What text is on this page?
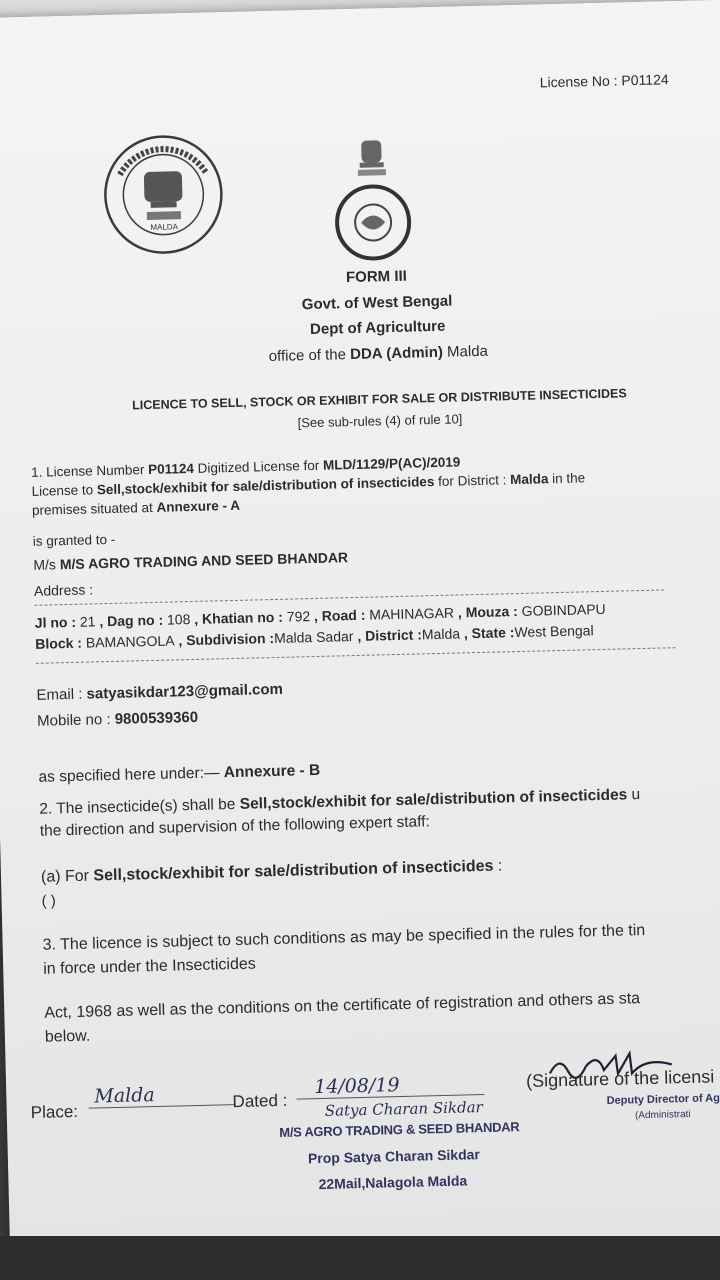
License No : P01124
MALDA
FORM III
Govt. of West Bengal
Dept of Agriculture
office of the DDA (Admin) Malda
LICENCE TO SELL, STOCK OR EXHIBIT FOR SALE OR DISTRIBUTE INSECTICIDES
[See sub-rules (4) of rule 10]
1. License Number P01124 Digitized License for MLD/1129/P(AC)/2019
License to Sell,stock/exhibit for sale/distribution of insecticides for District : Malda in the
premises situated at Annexure - A
is granted to -
M/s M/S AGRO TRADING AND SEED BHANDAR
Address :
Jl no : 21 , Dag no : 108 , Khatian no : 792 , Road : MAHINAGAR , Mouza : GOBINDAPU
Block : BAMANGOLA , Subdivision :Malda Sadar , District :Malda , State :West Bengal
Email : satyasikdar123@gmail.com
Mobile no : 9800539360
as specified here under:— Annexure - B
2. The insecticide(s) shall be Sell,stock/exhibit for sale/distribution of insecticides u
the direction and supervision of the following expert staff:
(a) For Sell,stock/exhibit for sale/distribution of insecticides :
( )
3. The licence is subject to such conditions as may be specified in the rules for the tin
in force under the Insecticides
Act, 1968 as well as the conditions on the certificate of registration and others as sta
below.
Place:
Malda	Dated :
14/08/19	(Signature of the licensi
Deputy Director of Ag
(Administrati
Satya Charan Sikdar
M/S AGRO TRADING & SEED BHANDAR
Prop Satya Charan Sikdar
22Mail,Nalagola Malda
